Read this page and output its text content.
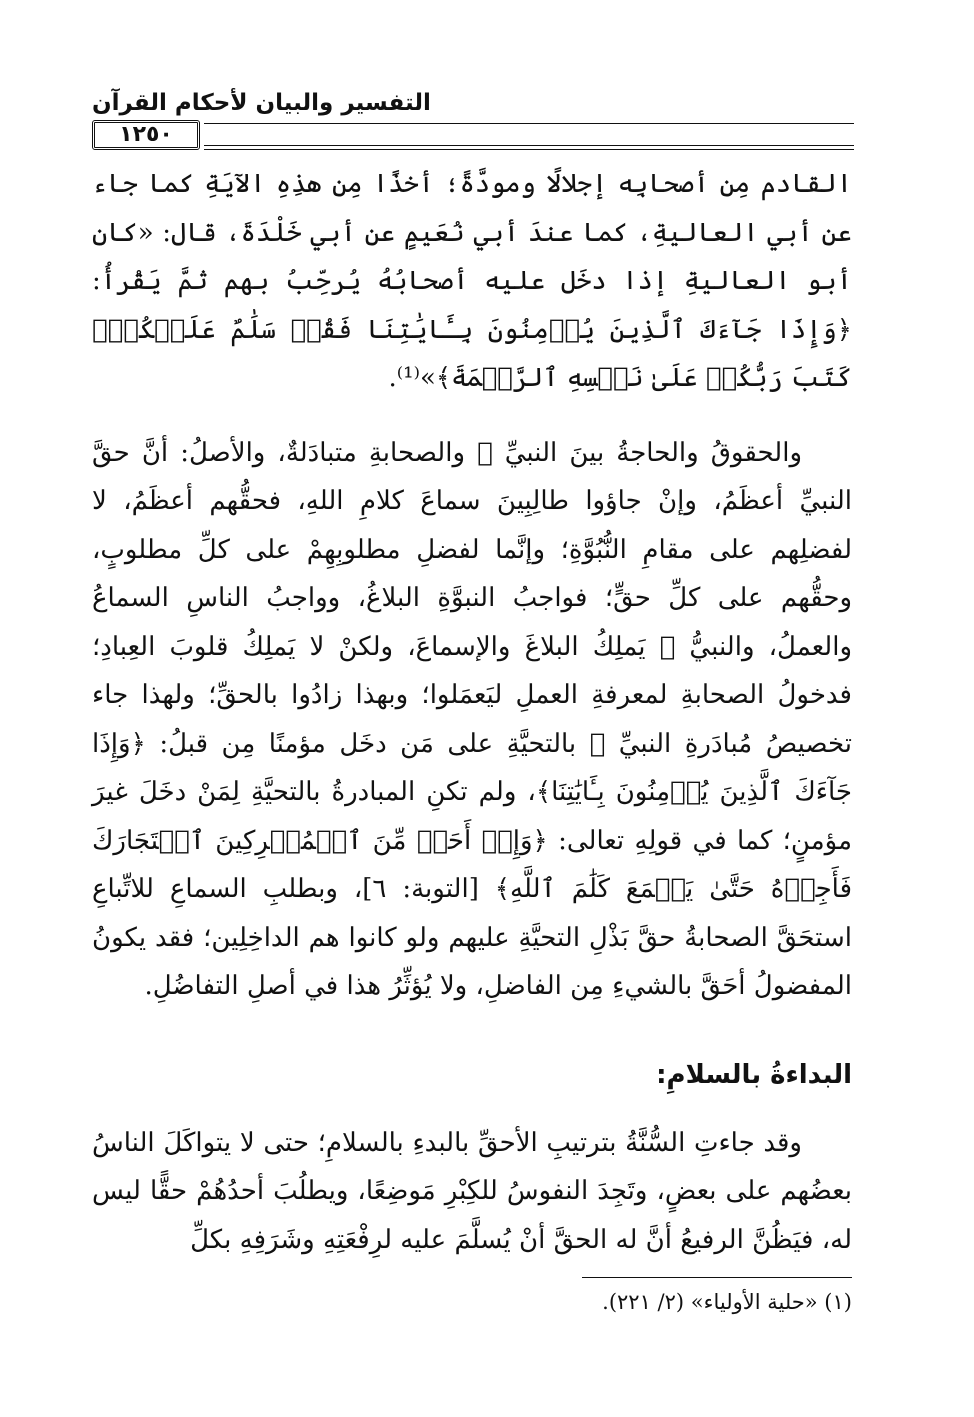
التفسير والبيان لأحكام القرآن
١٢٥٠

القادم مِن أصحابِه إجلالًا ومودَّةً؛ أخذًا مِن هذِهِ الآيَةِ كما جاء عن أبي العاليةِ، كما عندَ أبي نُعَيمٍ عن أبي خَلْدَةَ، قال: «كان أبو العاليةِ إذا دخَل عليه أصحابُهُ يُرحِّبُ بهم ثمَّ يَقْرأُ: ﴿وَإِذَا جَآءَكَ ٱلَّذِينَ يُؤۡمِنُونَ بِـَٔايَٰتِنَا فَقُلۡ سَلَٰمٌ عَلَيۡكُمۡۖ كَتَبَ رَبُّكُمۡ عَلَىٰ نَفۡسِهِ ٱلرَّحۡمَةَ﴾»⁽¹⁾.

والحقوقُ والحاجةُ بينَ النبيِّ ﷺ والصحابةِ متبادَلةٌ، والأصلُ: أنَّ حقَّ النبيِّ أعظَمُ، وإنْ جاؤوا طالِبِينَ سماعَ كلامِ اللهِ، فحقُّهم أعظَمُ، لا لفضلِهم على مقامِ النُّبُوَّةِ؛ وإنَّما لفضلِ مطلوبِهِمْ على كلِّ مطلوبٍ، وحقُّهم على كلِّ حقٍّ؛ فواجبُ النبوَّةِ البلاغُ، وواجبُ الناسِ السماعُ والعملُ، والنبيُّ ﷺ يَملِكُ البلاغَ والإسماعَ، ولكنْ لا يَملِكُ قلوبَ العِبادِ؛ فدخولُ الصحابةِ لمعرفةِ العملِ ليَعمَلوا؛ وبهذا زادُوا بالحقِّ؛ ولهذا جاء تخصيصُ مُبادَرةِ النبيِّ ﷺ بالتحيَّةِ على مَن دخَل مؤمنًا مِن قبلُ: ﴿وَإِذَا جَآءَكَ ٱلَّذِينَ يُؤۡمِنُونَ بِـَٔايَٰتِنَا﴾، ولم تكنِ المبادرةُ بالتحيَّةِ لِمَنْ دخَلَ غيرَ مؤمنٍ؛ كما في قولِهِ تعالى: ﴿وَإِنۡ أَحَدٞ مِّنَ ٱلۡمُشۡرِكِينَ ٱسۡتَجَارَكَ فَأَجِرۡهُ حَتَّىٰ يَسۡمَعَ كَلَٰمَ ٱللَّهِ﴾ [التوبة: ٦]، وبطلبِ السماعِ للاتِّباعِ استحَقَّ الصحابةُ حقَّ بَذْلِ التحيَّةِ عليهم ولو كانوا هم الداخِلِين؛ فقد يكونُ المفضولُ أحَقَّ بالشيءِ مِن الفاضلِ، ولا يُؤثِّرُ هذا في أصلِ التفاضُلِ.

البداءةُ بالسلامِ:

وقد جاءتِ السُّنَّةُ بترتيبِ الأحقِّ بالبدءِ بالسلامِ؛ حتى لا يتواكَلَ الناسُ بعضُهم على بعضٍ، وتَجِدَ النفوسُ للكِبْرِ مَوضِعًا، ويطلُبَ أحدُهُمْ حقًّا ليس له، فيَظُنَّ الرفيعُ أنَّ له الحقَّ أنْ يُسلَّمَ عليه لرِفْعَتِهِ وشَرَفِهِ بكلِّ

(١) «حلية الأولياء» (٢/ ٢٢١).
